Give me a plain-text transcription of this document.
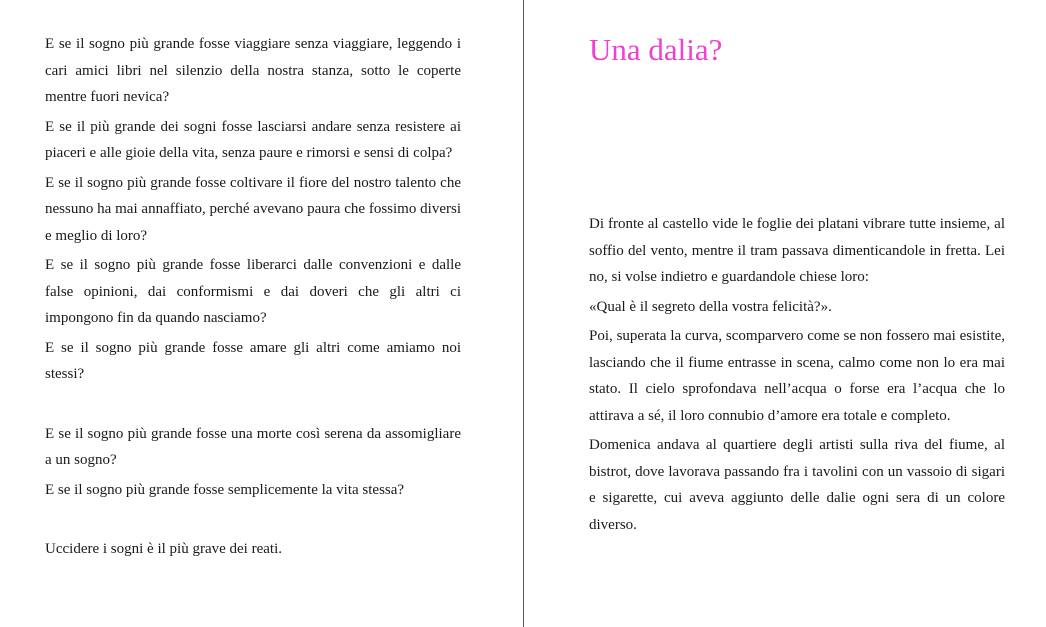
E se il sogno più grande fosse viaggiare senza viaggiare, leggendo i cari amici libri nel silenzio della nostra stanza, sotto le coperte mentre fuori nevica?

E se il più grande dei sogni fosse lasciarsi andare senza resistere ai piaceri e alle gioie della vita, senza paure e rimorsi e sensi di colpa?

E se il sogno più grande fosse coltivare il fiore del nostro talento che nessuno ha mai annaffiato, perché avevano paura che fossimo diversi e meglio di loro?

E se il sogno più grande fosse liberarci dalle convenzioni e dalle false opinioni, dai conformismi e dai doveri che gli altri ci impongono fin da quando nasciamo?

E se il sogno più grande fosse amare gli altri come amiamo noi stessi?

E se il sogno più grande fosse una morte così serena da assomigliare a un sogno?

E se il sogno più grande fosse semplicemente la vita stessa?

Uccidere i sogni è il più grave dei reati.

Una dalia?

Di fronte al castello vide le foglie dei platani vibrare tutte insieme, al soffio del vento, mentre il tram passava dimenticandole in fretta. Lei no, si volse indietro e guardandole chiese loro:

«Qual è il segreto della vostra felicità?».

Poi, superata la curva, scomparvero come se non fossero mai esistite, lasciando che il fiume entrasse in scena, calmo come non lo era mai stato. Il cielo sprofondava nell’acqua o forse era l’acqua che lo attirava a sé, il loro connubio d’amore era totale e completo.

Domenica andava al quartiere degli artisti sulla riva del fiume, al bistrot, dove lavorava passando fra i tavolini con un vassoio di sigari e sigarette, cui aveva aggiunto delle dalie ogni sera di un colore diverso.
